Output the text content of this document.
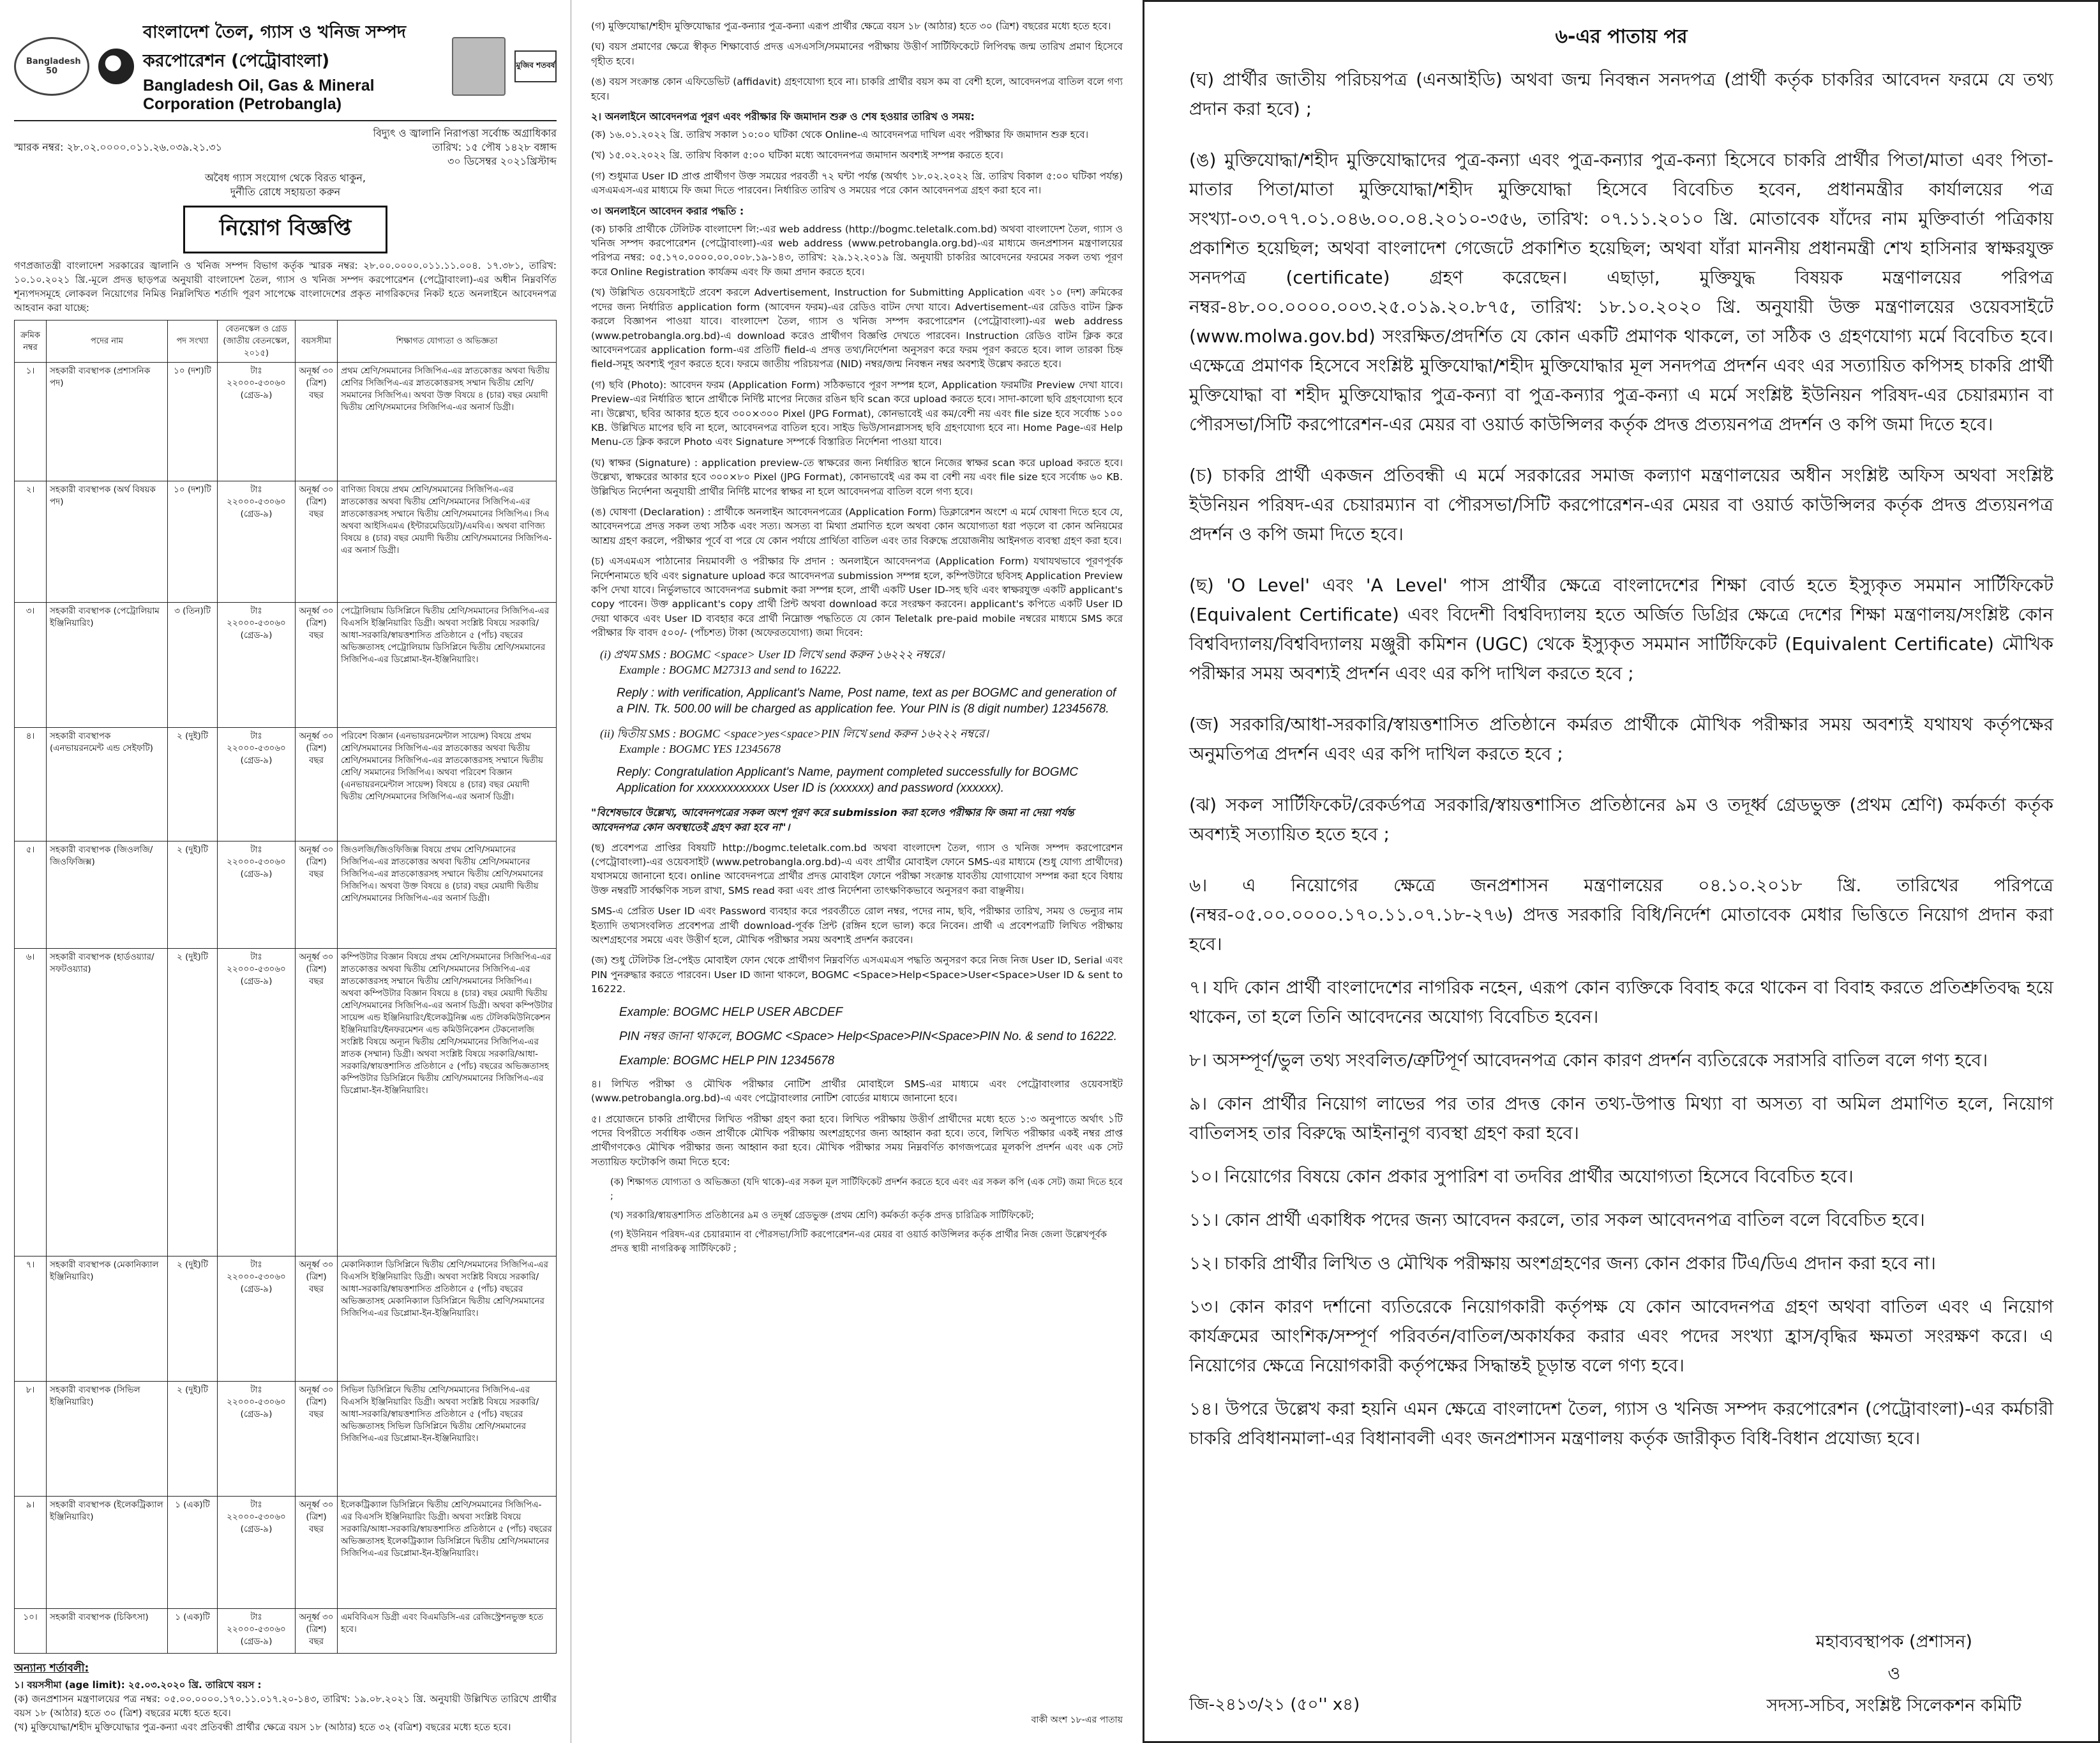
Bangladesh 50
বাংলাদেশ তৈল, গ্যাস ও খনিজ সম্পদ করপোরেশন (পেট্রোবাংলা)
Bangladesh Oil, Gas & Mineral Corporation (Petrobangla)
মুজিব শতবর্ষ
বিদ্যুৎ ও জ্বালানি নিরাপত্তা সর্বোচ্চ অগ্রাধিকার
স্মারক নম্বর: ২৮.০২.০০০০.০১১.২৬.০৩৯.২১.৩১	তারিখ: ১৫ পৌষ ১৪২৮ বঙ্গাব্দ
৩০ ডিসেম্বর ২০২১খ্রিস্টাব্দ
অবৈধ গ্যাস সংযোগ থেকে বিরত থাকুন,
দুর্নীতি রোধে সহায়তা করুন
নিয়োগ বিজ্ঞপ্তি
গণপ্রজাতন্ত্রী বাংলাদেশ সরকারের জ্বালানি ও খনিজ সম্পদ বিভাগ কর্তৃক স্মারক নম্বর: ২৮.০০.০০০০.০১১.১১.০০৪. ১৭.৩৮১, তারিখ: ১০.১০.২০২১ খ্রি.-মূলে প্রদত্ত ছাড়পত্র অনুযায়ী বাংলাদেশ তৈল, গ্যাস ও খনিজ সম্পদ করপোরেশন (পেট্রোবাংলা)-এর অধীন নিম্নবর্ণিত শূন্যপদসমূহে লোকবল নিয়োগের নিমিত্ত নিম্নলিখিত শর্তাদি পূরণ সাপেক্ষে বাংলাদেশের প্রকৃত নাগরিকদের নিকট হতে অনলাইনে আবেদনপত্র আহবান করা যাচ্ছে:
ক্রমিক নম্বর	পদের নাম	পদ সংখ্যা	বেতনস্কেল ও গ্রেড (জাতীয় বেতনস্কেল, ২০১৫)	বয়সসীমা	শিক্ষাগত যোগ্যতা ও অভিজ্ঞতা
১।	সহকারী ব্যবস্থাপক (প্রশাসনিক পদ)	১০ (দশ)টি	টাঃ ২২০০০-৫৩০৬০ (গ্রেড-৯)	অনূর্ধ্ব ৩০ (ত্রিশ) বছর	প্রথম শ্রেণি/সমমানের সিজিপিএ-এর স্নাতকোত্তর অথবা দ্বিতীয় শ্রেণির সিজিপিএ-এর স্নাতকোত্তরসহ সম্মান দ্বিতীয় শ্রেণি/সমমানের সিজিপিএ। অথবা উক্ত বিষয়ে ৪ (চার) বছর মেয়াদী দ্বিতীয় শ্রেণি/সমমানের সিজিপিএ-এর অনার্স ডিগ্রী।
২।	সহকারী ব্যবস্থাপক (অর্থ বিষয়ক পদ)	১০ (দশ)টি	টাঃ ২২০০০-৫৩০৬০ (গ্রেড-৯)	অনূর্ধ্ব ৩০ (ত্রিশ) বছর	বাণিজ্য বিষয়ে প্রথম শ্রেণি/সমমানের সিজিপিএ-এর স্নাতকোত্তর অথবা দ্বিতীয় শ্রেণি/সমমানের সিজিপিএ-এর স্নাতকোত্তরসহ সম্মানে দ্বিতীয় শ্রেণি/সমমানের সিজিপিএ। সিএ অথবা আইসিএমএ (ইন্টারমেডিয়েট)/এমবিএ। অথবা বাণিজ্য বিষয়ে ৪ (চার) বছর মেয়াদী দ্বিতীয় শ্রেণি/সমমানের সিজিপিএ-এর অনার্স ডিগ্রী।
৩।	সহকারী ব্যবস্থাপক (পেট্রোলিয়াম ইঞ্জিনিয়ারিং)	৩ (তিন)টি	টাঃ ২২০০০-৫৩০৬০ (গ্রেড-৯)	অনূর্ধ্ব ৩০ (ত্রিশ) বছর	পেট্রোলিয়াম ডিসিপ্লিনে দ্বিতীয় শ্রেণি/সমমানের সিজিপিএ-এর বিএসসি ইঞ্জিনিয়ারিং ডিগ্রী। অথবা সংশ্লিষ্ট বিষয়ে সরকারি/আধা-সরকারি/স্বায়ত্তশাসিত প্রতিষ্ঠানে ৫ (পাঁচ) বছরের অভিজ্ঞতাসহ পেট্রোলিয়াম ডিসিপ্লিনে দ্বিতীয় শ্রেণি/সমমানের সিজিপিএ-এর ডিপ্লোমা-ইন-ইঞ্জিনিয়ারিং।
৪।	সহকারী ব্যবস্থাপক (এনভায়রনমেন্ট এন্ড সেইফটি)	২ (দুই)টি	টাঃ ২২০০০-৫৩০৬০ (গ্রেড-৯)	অনূর্ধ্ব ৩০ (ত্রিশ) বছর	পরিবেশ বিজ্ঞান (এনভায়রনমেন্টাল সায়েন্স) বিষয়ে প্রথম শ্রেণি/সমমানের সিজিপিএ-এর স্নাতকোত্তর অথবা দ্বিতীয় শ্রেণি/সমমানের সিজিপিএ-এর স্নাতকোত্তরসহ সম্মানে দ্বিতীয় শ্রেণি/ সমমানের সিজিপিএ। অথবা পরিবেশ বিজ্ঞান (এনভায়রনমেন্টাল সায়েন্স) বিষয়ে ৪ (চার) বছর মেয়াদী দ্বিতীয় শ্রেণি/সমমানের সিজিপিএ-এর অনার্স ডিগ্রী।
৫।	সহকারী ব্যবস্থাপক (জিওলজি/জিওফিজিক্স)	২ (দুই)টি	টাঃ ২২০০০-৫৩০৬০ (গ্রেড-৯)	অনূর্ধ্ব ৩০ (ত্রিশ) বছর	জিওলজি/জিওফিজিক্স বিষয়ে প্রথম শ্রেণি/সমমানের সিজিপিএ-এর স্নাতকোত্তর অথবা দ্বিতীয় শ্রেণি/সমমানের সিজিপিএ-এর স্নাতকোত্তরসহ সম্মানে দ্বিতীয় শ্রেণি/সমমানের সিজিপিএ। অথবা উক্ত বিষয়ে ৪ (চার) বছর মেয়াদী দ্বিতীয় শ্রেণি/সমমানের সিজিপিএ-এর অনার্স ডিগ্রী।
৬।	সহকারী ব্যবস্থাপক (হার্ডওয়্যার/সফটওয়্যার)	২ (দুই)টি	টাঃ ২২০০০-৫৩০৬০ (গ্রেড-৯)	অনূর্ধ্ব ৩০ (ত্রিশ) বছর	কম্পিউটার বিজ্ঞান বিষয়ে প্রথম শ্রেণি/সমমানের সিজিপিএ-এর স্নাতকোত্তর অথবা দ্বিতীয় শ্রেণি/সমমানের সিজিপিএ-এর স্নাতকোত্তরসহ সম্মানে দ্বিতীয় শ্রেণি/সমমানের সিজিপিএ। অথবা কম্পিউটার বিজ্ঞান বিষয়ে ৪ (চার) বছর মেয়াদী দ্বিতীয় শ্রেণি/সমমানের সিজিপিএ-এর অনার্স ডিগ্রী। অথবা কম্পিউটার সায়েন্স এন্ড ইঞ্জিনিয়ারিং/ইলেকট্রনিক্স এন্ড টেলিকমিউনিকেশন ইঞ্জিনিয়ারিং/ইনফরমেশন এন্ড কমিউনিকেশন টেকনোলজি সংশ্লিষ্ট বিষয়ে অন্যূন দ্বিতীয় শ্রেণি/সমমানের সিজিপিএ-এর স্নাতক (সম্মান) ডিগ্রী। অথবা সংশ্লিষ্ট বিষয়ে সরকারি/আধা-সরকারি/স্বায়ত্তশাসিত প্রতিষ্ঠানে ৫ (পাঁচ) বছরের অভিজ্ঞতাসহ কম্পিউটার ডিসিপ্লিনে দ্বিতীয় শ্রেণি/সমমানের সিজিপিএ-এর ডিপ্লোমা-ইন-ইঞ্জিনিয়ারিং।
৭।	সহকারী ব্যবস্থাপক (মেকানিক্যাল ইঞ্জিনিয়ারিং)	২ (দুই)টি	টাঃ ২২০০০-৫৩০৬০ (গ্রেড-৯)	অনূর্ধ্ব ৩০ (ত্রিশ) বছর	মেকানিক্যাল ডিসিপ্লিনে দ্বিতীয় শ্রেণি/সমমানের সিজিপিএ-এর বিএসসি ইঞ্জিনিয়ারিং ডিগ্রী। অথবা সংশ্লিষ্ট বিষয়ে সরকারি/আধা-সরকারি/স্বায়ত্তশাসিত প্রতিষ্ঠানে ৫ (পাঁচ) বছরের অভিজ্ঞতাসহ মেকানিক্যাল ডিসিপ্লিনে দ্বিতীয় শ্রেণি/সমমানের সিজিপিএ-এর ডিপ্লোমা-ইন-ইঞ্জিনিয়ারিং।
৮।	সহকারী ব্যবস্থাপক (সিভিল ইঞ্জিনিয়ারিং)	২ (দুই)টি	টাঃ ২২০০০-৫৩০৬০ (গ্রেড-৯)	অনূর্ধ্ব ৩০ (ত্রিশ) বছর	সিভিল ডিসিপ্লিনে দ্বিতীয় শ্রেণি/সমমানের সিজিপিএ-এর বিএসসি ইঞ্জিনিয়ারিং ডিগ্রী। অথবা সংশ্লিষ্ট বিষয়ে সরকারি/আধা-সরকারি/স্বায়ত্তশাসিত প্রতিষ্ঠানে ৫ (পাঁচ) বছরের অভিজ্ঞতাসহ সিভিল ডিসিপ্লিনে দ্বিতীয় শ্রেণি/সমমানের সিজিপিএ-এর ডিপ্লোমা-ইন-ইঞ্জিনিয়ারিং।
৯।	সহকারী ব্যবস্থাপক (ইলেকট্রিক্যাল ইঞ্জিনিয়ারিং)	১ (এক)টি	টাঃ ২২০০০-৫৩০৬০ (গ্রেড-৯)	অনূর্ধ্ব ৩০ (ত্রিশ) বছর	ইলেকট্রিক্যাল ডিসিপ্লিনে দ্বিতীয় শ্রেণি/সমমানের সিজিপিএ-এর বিএসসি ইঞ্জিনিয়ারিং ডিগ্রী। অথবা সংশ্লিষ্ট বিষয়ে সরকারি/আধা-সরকারি/স্বায়ত্তশাসিত প্রতিষ্ঠানে ৫ (পাঁচ) বছরের অভিজ্ঞতাসহ ইলেকট্রিক্যাল ডিসিপ্লিনে দ্বিতীয় শ্রেণি/সমমানের সিজিপিএ-এর ডিপ্লোমা-ইন-ইঞ্জিনিয়ারিং।
১০।	সহকারী ব্যবস্থাপক (চিকিৎসা)	১ (এক)টি	টাঃ ২২০০০-৫৩০৬০ (গ্রেড-৯)	অনূর্ধ্ব ৩০ (ত্রিশ) বছর	এমবিবিএস ডিগ্রী এবং বিএমডিসি-এর রেজিস্ট্রেশনভুক্ত হতে হবে।
অন্যান্য শর্তাবলী:
১। বয়সসীমা (age limit): ২৫.০৩.২০২০ খ্রি. তারিখে বয়স :
(ক) জনপ্রশাসন মন্ত্রণালয়ের পত্র নম্বর: ০৫.০০.০০০০.১৭০.১১.০১৭.২০-১৪৩, তারিখ: ১৯.০৮.২০২১ খ্রি. অনুযায়ী উল্লিখিত তারিখে প্রার্থীর বয়স ১৮ (আঠার) হতে ৩০ (ত্রিশ) বছরের মধ্যে হতে হবে।
(খ) মুক্তিযোদ্ধা/শহীদ মুক্তিযোদ্ধার পুত্র-কন্যা এবং প্রতিবন্ধী প্রার্থীর ক্ষেত্রে বয়স ১৮ (আঠার) হতে ৩২ (বত্রিশ) বছরের মধ্যে হতে হবে।
(গ) মুক্তিযোদ্ধা/শহীদ মুক্তিযোদ্ধার পুত্র-কন্যার পুত্র-কন্যা এরূপ প্রার্থীর ক্ষেত্রে বয়স ১৮ (আঠার) হতে ৩০ (ত্রিশ) বছরের মধ্যে হতে হবে।
(ঘ) বয়স প্রমাণের ক্ষেত্রে স্বীকৃত শিক্ষাবোর্ড প্রদত্ত এসএসসি/সমমানের পরীক্ষায় উত্তীর্ণ সার্টিফিকেটে লিপিবদ্ধ জন্ম তারিখ প্রমাণ হিসেবে গৃহীত হবে।
(ঙ) বয়স সংক্রান্ত কোন এফিডেভিট (affidavit) গ্রহণযোগ্য হবে না। চাকরি প্রার্থীর বয়স কম বা বেশী হলে, আবেদনপত্র বাতিল বলে গণ্য হবে।
২। অনলাইনে আবেদনপত্র পূরণ এবং পরীক্ষার ফি জমাদান শুরু ও শেষ হওয়ার তারিখ ও সময়:
(ক) ১৬.০১.২০২২ খ্রি. তারিখ সকাল ১০:০০ ঘটিকা থেকে Online-এ আবেদনপত্র দাখিল এবং পরীক্ষার ফি জমাদান শুরু হবে।
(খ) ১৫.০২.২০২২ খ্রি. তারিখ বিকাল ৫:০০ ঘটিকা মধ্যে আবেদনপত্র জমাদান অবশ্যই সম্পন্ন করতে হবে।
(গ) শুধুমাত্র User ID প্রাপ্ত প্রার্থীগণ উক্ত সময়ের পরবর্তী ৭২ ঘন্টা পর্যন্ত (অর্থাৎ ১৮.০২.২০২২ খ্রি. তারিখ বিকাল ৫:০০ ঘটিকা পর্যন্ত) এসএমএস-এর মাধ্যমে ফি জমা দিতে পারবেন। নির্ধারিত তারিখ ও সময়ের পরে কোন আবেদনপত্র গ্রহণ করা হবে না।
৩। অনলাইনে আবেদন করার পদ্ধতি :
(ক) চাকরি প্রার্থীকে টেলিটক বাংলাদেশ লি:-এর web address (http://bogmc.teletalk.com.bd) অথবা বাংলাদেশ তৈল, গ্যাস ও খনিজ সম্পদ করপোরেশন (পেট্রোবাংলা)-এর web address (www.petrobangla.org.bd)-এর মাধ্যমে জনপ্রশাসন মন্ত্রণালয়ের পরিপত্র নম্বর: ০৫.১৭০.০০০০.০০.০০৮.১৯-১৪৩, তারিখ: ২৯.১২.২০১৯ খ্রি. অনুযায়ী চাকরির আবেদনের ফরমের সকল তথ্য পূরণ করে Online Registration কার্যক্রম এবং ফি জমা প্রদান করতে হবে।
(খ) উল্লিখিত ওয়েবসাইটে প্রবেশ করলে Advertisement, Instruction for Submitting Application এবং ১০ (দশ) ক্রমিকের পদের জন্য নির্ধারিত application form (আবেদন ফরম)-এর রেডিও বাটন দেখা যাবে। Advertisement-এর রেডিও বাটন ক্লিক করলে বিজ্ঞাপন পাওয়া যাবে। বাংলাদেশ তৈল, গ্যাস ও খনিজ সম্পদ করপোরেশন (পেট্রোবাংলা)-এর web address (www.petrobangla.org.bd)-এ download করেও প্রার্থীগণ বিজ্ঞপ্তি দেখতে পারবেন। Instruction রেডিও বাটন ক্লিক করে আবেদনপত্রের application form-এর প্রতিটি field-এ প্রদত্ত তথ্য/নির্দেশনা অনুসরণ করে ফরম পূরণ করতে হবে। লাল তারকা চিহ্ন field-সমূহ অবশ্যই পূরণ করতে হবে। ফরমে জাতীয় পরিচয়পত্র (NID) নম্বর/জন্ম নিবন্ধন নম্বর অবশ্যই উল্লেখ করতে হবে।
(গ) ছবি (Photo): আবেদন ফরম (Application Form) সঠিকভাবে পূরণ সম্পন্ন হলে, Application ফরমটির Preview দেখা যাবে। Preview-এর নির্ধারিত স্থানে প্রার্থীকে নির্দিষ্ট মাপের নিজের রঙিন ছবি scan করে upload করতে হবে। সাদা-কালো ছবি গ্রহণযোগ্য হবে না। উল্লেখ্য, ছবির আকার হতে হবে ৩০০×৩০০ Pixel (JPG Format), কোনভাবেই এর কম/বেশী নয় এবং file size হবে সর্বোচ্চ ১০০ KB. উল্লিখিত মাপের ছবি না হলে, আবেদনপত্র বাতিল হবে। সাইড ভিউ/সানগ্লাসসহ ছবি গ্রহণযোগ্য হবে না। Home Page-এর Help Menu-তে ক্লিক করলে Photo এবং Signature সম্পর্কে বিস্তারিত নির্দেশনা পাওয়া যাবে।
(ঘ) স্বাক্ষর (Signature) : application preview-তে স্বাক্ষরের জন্য নির্ধারিত স্থানে নিজের স্বাক্ষর scan করে upload করতে হবে। উল্লেখ্য, স্বাক্ষরের আকার হবে ৩০০×৮০ Pixel (JPG Format), কোনভাবেই এর কম বা বেশী নয় এবং file size হবে সর্বোচ্চ ৬০ KB. উল্লিখিত নির্দেশনা অনুযায়ী প্রার্থীর নির্দিষ্ট মাপের স্বাক্ষর না হলে আবেদনপত্র বাতিল বলে গণ্য হবে।
(ঙ) ঘোষণা (Declaration) : প্রার্থীকে অনলাইন আবেদনপত্রের (Application Form) ডিক্লারেশন অংশে এ মর্মে ঘোষণা দিতে হবে যে, আবেদনপত্রে প্রদত্ত সকল তথ্য সঠিক এবং সত্য। অসত্য বা মিথ্যা প্রমাণিত হলে অথবা কোন অযোগ্যতা ধরা পড়লে বা কোন অনিয়মের আশ্রয় গ্রহণ করলে, পরীক্ষার পূর্বে বা পরে যে কোন পর্যায়ে প্রার্থিতা বাতিল এবং তার বিরুদ্ধে প্রয়োজনীয় আইনগত ব্যবস্থা গ্রহণ করা হবে।
(চ) এসএমএস পাঠানোর নিয়মাবলী ও পরীক্ষার ফি প্রদান : অনলাইনে আবেদনপত্র (Application Form) যথাযথভাবে পূরণপূর্বক নির্দেশনামতে ছবি এবং signature upload করে আবেদনপত্র submission সম্পন্ন হলে, কম্পিউটারে ছবিসহ Application Preview কপি দেখা যাবে। নির্ভুলভাবে আবেদনপত্র submit করা সম্পন্ন হলে, প্রার্থী একটি User ID-সহ ছবি এবং স্বাক্ষরযুক্ত একটি applicant's copy পাবেন। উক্ত applicant's copy প্রার্থী প্রিন্ট অথবা download করে সংরক্ষণ করবেন। applicant's কপিতে একটি User ID দেয়া থাকবে এবং User ID ব্যবহার করে প্রার্থী নিম্নোক্ত পদ্ধতিতে যে কোন Teletalk pre-paid mobile নম্বরের মাধ্যমে SMS করে পরীক্ষার ফি বাবদ ৫০০/- (পাঁচশত) টাকা (অফেরতযোগ্য) জমা দিবেন:
(i) প্রথম SMS : BOGMC <space> User ID লিখে send করুন ১৬২২২ নম্বরে।
Example : BOGMC M27313 and send to 16222.
Reply : with verification, Applicant's Name, Post name, text as per BOGMC and generation of a PIN. Tk. 500.00 will be charged as application fee. Your PIN is (8 digit number) 12345678.
(ii) দ্বিতীয় SMS : BOGMC <space>yes<space>PIN লিখে send করুন ১৬২২২ নম্বরে।
Example : BOGMC YES 12345678
Reply: Congratulation Applicant's Name, payment completed successfully for BOGMC Application for xxxxxxxxxxxx User ID is (xxxxxx) and password (xxxxxx).
"বিশেষভাবে উল্লেখ্য, আবেদনপত্রের সকল অংশ পূরণ করে submission করা হলেও পরীক্ষার ফি জমা না দেয়া পর্যন্ত আবেদনপত্র কোন অবস্থাতেই গ্রহণ করা হবে না"।
(ছ) প্রবেশপত্র প্রাপ্তির বিষয়টি http://bogmc.teletalk.com.bd অথবা বাংলাদেশ তৈল, গ্যাস ও খনিজ সম্পদ করপোরেশন (পেট্রোবাংলা)-এর ওয়েবসাইট (www.petrobangla.org.bd)-এ এবং প্রার্থীর মোবাইল ফোনে SMS-এর মাধ্যমে (শুধু যোগ্য প্রার্থীদের) যথাসময়ে জানানো হবে। online আবেদনপত্রে প্রার্থীর প্রদত্ত মোবাইল ফোনে পরীক্ষা সংক্রান্ত যাবতীয় যোগাযোগ সম্পন্ন করা হবে বিধায় উক্ত নম্বরটি সার্বক্ষণিক সচল রাখা, SMS read করা এবং প্রাপ্ত নির্দেশনা তাৎক্ষণিকভাবে অনুসরণ করা বাঞ্ছনীয়।
SMS-এ প্রেরিত User ID এবং Password ব্যবহার করে পরবর্তীতে রোল নম্বর, পদের নাম, ছবি, পরীক্ষার তারিখ, সময় ও ভেন্যুর নাম ইত্যাদি তথ্যসংবলিত প্রবেশপত্র প্রার্থী download-পূর্বক প্রিন্ট (রঙ্গিন হলে ভাল) করে নিবেন। প্রার্থী এ প্রবেশপত্রটি লিখিত পরীক্ষায় অংশগ্রহণের সময়ে এবং উত্তীর্ণ হলে, মৌখিক পরীক্ষার সময় অবশ্যই প্রদর্শন করবেন।
(জ) শুধু টেলিটক প্রি-পেইড মোবাইল ফোন থেকে প্রার্থীগণ নিম্নবর্ণিত এসএমএস পদ্ধতি অনুসরণ করে নিজ নিজ User ID, Serial এবং PIN পুনরুদ্ধার করতে পারবেন। User ID জানা থাকলে, BOGMC <Space>Help<Space>User<Space>User ID & sent to 16222.
Example: BOGMC HELP USER ABCDEF
PIN নম্বর জানা থাকলে, BOGMC <Space> Help<Space>PIN<Space>PIN No. & send to 16222.
Example: BOGMC HELP PIN 12345678
৪। লিখিত পরীক্ষা ও মৌখিক পরীক্ষার নোটিশ প্রার্থীর মোবাইলে SMS-এর মাধ্যমে এবং পেট্রোবাংলার ওয়েবসাইট (www.petrobangla.org.bd)-এ এবং পেট্রোবাংলার নোটিশ বোর্ডের মাধ্যমে জানানো হবে।
৫। প্রয়োজনে চাকরি প্রার্থীদের লিখিত পরীক্ষা গ্রহণ করা হবে। লিখিত পরীক্ষায় উত্তীর্ণ প্রার্থীদের মধ্যে হতে ১:৩ অনুপাতে অর্থাৎ ১টি পদের বিপরীতে সর্বাধিক ৩জন প্রার্থীকে মৌখিক পরীক্ষায় অংশগ্রহণের জন্য আহ্বান করা হবে। তবে, লিখিত পরীক্ষার একই নম্বর প্রাপ্ত প্রার্থীগণকেও মৌখিক পরীক্ষার জন্য আহ্বান করা হবে। মৌখিক পরীক্ষার সময় নিম্নবর্ণিত কাগজপত্রের মূলকপি প্রদর্শন এবং এক সেট সত্যায়িত ফটোকপি জমা দিতে হবে:
(ক) শিক্ষাগত যোগ্যতা ও অভিজ্ঞতা (যদি থাকে)-এর সকল মূল সার্টিফিকেট প্রদর্শন করতে হবে এবং এর সকল কপি (এক সেট) জমা দিতে হবে ;
(খ) সরকারি/স্বায়ত্তশাসিত প্রতিষ্ঠানের ৯ম ও তদূর্ধ্ব গ্রেডভুক্ত (প্রথম শ্রেণি) কর্মকর্তা কর্তৃক প্রদত্ত চারিত্রিক সার্টিফিকেট;
(গ) ইউনিয়ন পরিষদ-এর চেয়ারম্যান বা পৌরসভা/সিটি করপোরেশন-এর মেয়র বা ওয়ার্ড কাউন্সিলর কর্তৃক প্রার্থীর নিজ জেলা উল্লেখপূর্বক প্রদত্ত স্থায়ী নাগরিকত্ব সার্টিফিকেট ;
বাকী অংশ ১৮-এর পাতায়
৬-এর পাতায় পর
(ঘ) প্রার্থীর জাতীয় পরিচয়পত্র (এনআইডি) অথবা জন্ম নিবন্ধন সনদপত্র (প্রার্থী কর্তৃক চাকরির আবেদন ফরমে যে তথ্য প্রদান করা হবে) ;
(ঙ) মুক্তিযোদ্ধা/শহীদ মুক্তিযোদ্ধাদের পুত্র-কন্যা এবং পুত্র-কন্যার পুত্র-কন্যা হিসেবে চাকরি প্রার্থীর পিতা/মাতা এবং পিতা-মাতার পিতা/মাতা মুক্তিযোদ্ধা/শহীদ মুক্তিযোদ্ধা হিসেবে বিবেচিত হবেন, প্রধানমন্ত্রীর কার্যালয়ের পত্র সংখ্যা-০৩.০৭৭.০১.০৪৬.০০.০৪.২০১০-৩৫৬, তারিখ: ০৭.১১.২০১০ খ্রি. মোতাবেক যাঁদের নাম মুক্তিবার্তা পত্রিকায় প্রকাশিত হয়েছিল; অথবা বাংলাদেশ গেজেটে প্রকাশিত হয়েছিল; অথবা যাঁরা মাননীয় প্রধানমন্ত্রী শেখ হাসিনার স্বাক্ষরযুক্ত সনদপত্র (certificate) গ্রহণ করেছেন। এছাড়া, মুক্তিযুদ্ধ বিষয়ক মন্ত্রণালয়ের পরিপত্র নম্বর-৪৮.০০.০০০০.০০৩.২৫.০১৯.২০.৮৭৫, তারিখ: ১৮.১০.২০২০ খ্রি. অনুযায়ী উক্ত মন্ত্রণালয়ের ওয়েবসাইটে (www.molwa.gov.bd) সংরক্ষিত/প্রদর্শিত যে কোন একটি প্রমাণক থাকলে, তা সঠিক ও গ্রহণযোগ্য মর্মে বিবেচিত হবে। এক্ষেত্রে প্রমাণক হিসেবে সংশ্লিষ্ট মুক্তিযোদ্ধা/শহীদ মুক্তিযোদ্ধার মূল সনদপত্র প্রদর্শন এবং এর সত্যায়িত কপিসহ চাকরি প্রার্থী মুক্তিযোদ্ধা বা শহীদ মুক্তিযোদ্ধার পুত্র-কন্যা বা পুত্র-কন্যার পুত্র-কন্যা এ মর্মে সংশ্লিষ্ট ইউনিয়ন পরিষদ-এর চেয়ারম্যান বা পৌরসভা/সিটি করপোরেশন-এর মেয়র বা ওয়ার্ড কাউন্সিলর কর্তৃক প্রদত্ত প্রত্যয়নপত্র প্রদর্শন ও কপি জমা দিতে হবে।
(চ) চাকরি প্রার্থী একজন প্রতিবন্ধী এ মর্মে সরকারের সমাজ কল্যাণ মন্ত্রণালয়ের অধীন সংশ্লিষ্ট অফিস অথবা সংশ্লিষ্ট ইউনিয়ন পরিষদ-এর চেয়ারম্যান বা পৌরসভা/সিটি করপোরেশন-এর মেয়র বা ওয়ার্ড কাউন্সিলর কর্তৃক প্রদত্ত প্রত্যয়নপত্র প্রদর্শন ও কপি জমা দিতে হবে।
(ছ) 'O Level' এবং 'A Level' পাস প্রার্থীর ক্ষেত্রে বাংলাদেশের শিক্ষা বোর্ড হতে ইস্যুকৃত সমমান সার্টিফিকেট (Equivalent Certificate) এবং বিদেশী বিশ্ববিদ্যালয় হতে অর্জিত ডিগ্রির ক্ষেত্রে দেশের শিক্ষা মন্ত্রণালয়/সংশ্লিষ্ট কোন বিশ্ববিদ্যালয়/বিশ্ববিদ্যালয় মঞ্জুরী কমিশন (UGC) থেকে ইস্যুকৃত সমমান সার্টিফিকেট (Equivalent Certificate) মৌখিক পরীক্ষার সময় অবশ্যই প্রদর্শন এবং এর কপি দাখিল করতে হবে ;
(জ) সরকারি/আধা-সরকারি/স্বায়ত্তশাসিত প্রতিষ্ঠানে কর্মরত প্রার্থীকে মৌখিক পরীক্ষার সময় অবশ্যই যথাযথ কর্তৃপক্ষের অনুমতিপত্র প্রদর্শন এবং এর কপি দাখিল করতে হবে ;
(ঝ) সকল সার্টিফিকেট/রেকর্ডপত্র সরকারি/স্বায়ত্তশাসিত প্রতিষ্ঠানের ৯ম ও তদূর্ধ্ব গ্রেডভুক্ত (প্রথম শ্রেণি) কর্মকর্তা কর্তৃক অবশ্যই সত্যায়িত হতে হবে ;
৬। এ নিয়োগের ক্ষেত্রে জনপ্রশাসন মন্ত্রণালয়ের ০৪.১০.২০১৮ খ্রি. তারিখের পরিপত্রে (নম্বর-০৫.০০.০০০০.১৭০.১১.০৭.১৮-২৭৬) প্রদত্ত সরকারি বিধি/নির্দেশ মোতাবেক মেধার ভিত্তিতে নিয়োগ প্রদান করা হবে।
৭। যদি কোন প্রার্থী বাংলাদেশের নাগরিক নহেন, এরূপ কোন ব্যক্তিকে বিবাহ করে থাকেন বা বিবাহ করতে প্রতিশ্রুতিবদ্ধ হয়ে থাকেন, তা হলে তিনি আবেদনের অযোগ্য বিবেচিত হবেন।
৮। অসম্পূর্ণ/ভুল তথ্য সংবলিত/ত্রুটিপূর্ণ আবেদনপত্র কোন কারণ প্রদর্শন ব্যতিরেকে সরাসরি বাতিল বলে গণ্য হবে।
৯। কোন প্রার্থীর নিয়োগ লাভের পর তার প্রদত্ত কোন তথ্য-উপাত্ত মিথ্যা বা অসত্য বা অমিল প্রমাণিত হলে, নিয়োগ বাতিলসহ তার বিরুদ্ধে আইনানুগ ব্যবস্থা গ্রহণ করা হবে।
১০। নিয়োগের বিষয়ে কোন প্রকার সুপারিশ বা তদবির প্রার্থীর অযোগ্যতা হিসেবে বিবেচিত হবে।
১১। কোন প্রার্থী একাধিক পদের জন্য আবেদন করলে, তার সকল আবেদনপত্র বাতিল বলে বিবেচিত হবে।
১২। চাকরি প্রার্থীর লিখিত ও মৌখিক পরীক্ষায় অংশগ্রহণের জন্য কোন প্রকার টিএ/ডিএ প্রদান করা হবে না।
১৩। কোন কারণ দর্শানো ব্যতিরেকে নিয়োগকারী কর্তৃপক্ষ যে কোন আবেদনপত্র গ্রহণ অথবা বাতিল এবং এ নিয়োগ কার্যক্রমের আংশিক/সম্পূর্ণ পরিবর্তন/বাতিল/অকার্যকর করার এবং পদের সংখ্যা হ্রাস/বৃদ্ধির ক্ষমতা সংরক্ষণ করে। এ নিয়োগের ক্ষেত্রে নিয়োগকারী কর্তৃপক্ষের সিদ্ধান্তই চূড়ান্ত বলে গণ্য হবে।
১৪। উপরে উল্লেখ করা হয়নি এমন ক্ষেত্রে বাংলাদেশ তৈল, গ্যাস ও খনিজ সম্পদ করপোরেশন (পেট্রোবাংলা)-এর কর্মচারী চাকরি প্রবিধানমালা-এর বিধানাবলী এবং জনপ্রশাসন মন্ত্রণালয় কর্তৃক জারীকৃত বিধি-বিধান প্রযোজ্য হবে।
মহাব্যবস্থাপক (প্রশাসন)
ও
সদস্য-সচিব, সংশ্লিষ্ট সিলেকশন কমিটি
জি-২৪১৩/২১ (৫০'' x৪)
